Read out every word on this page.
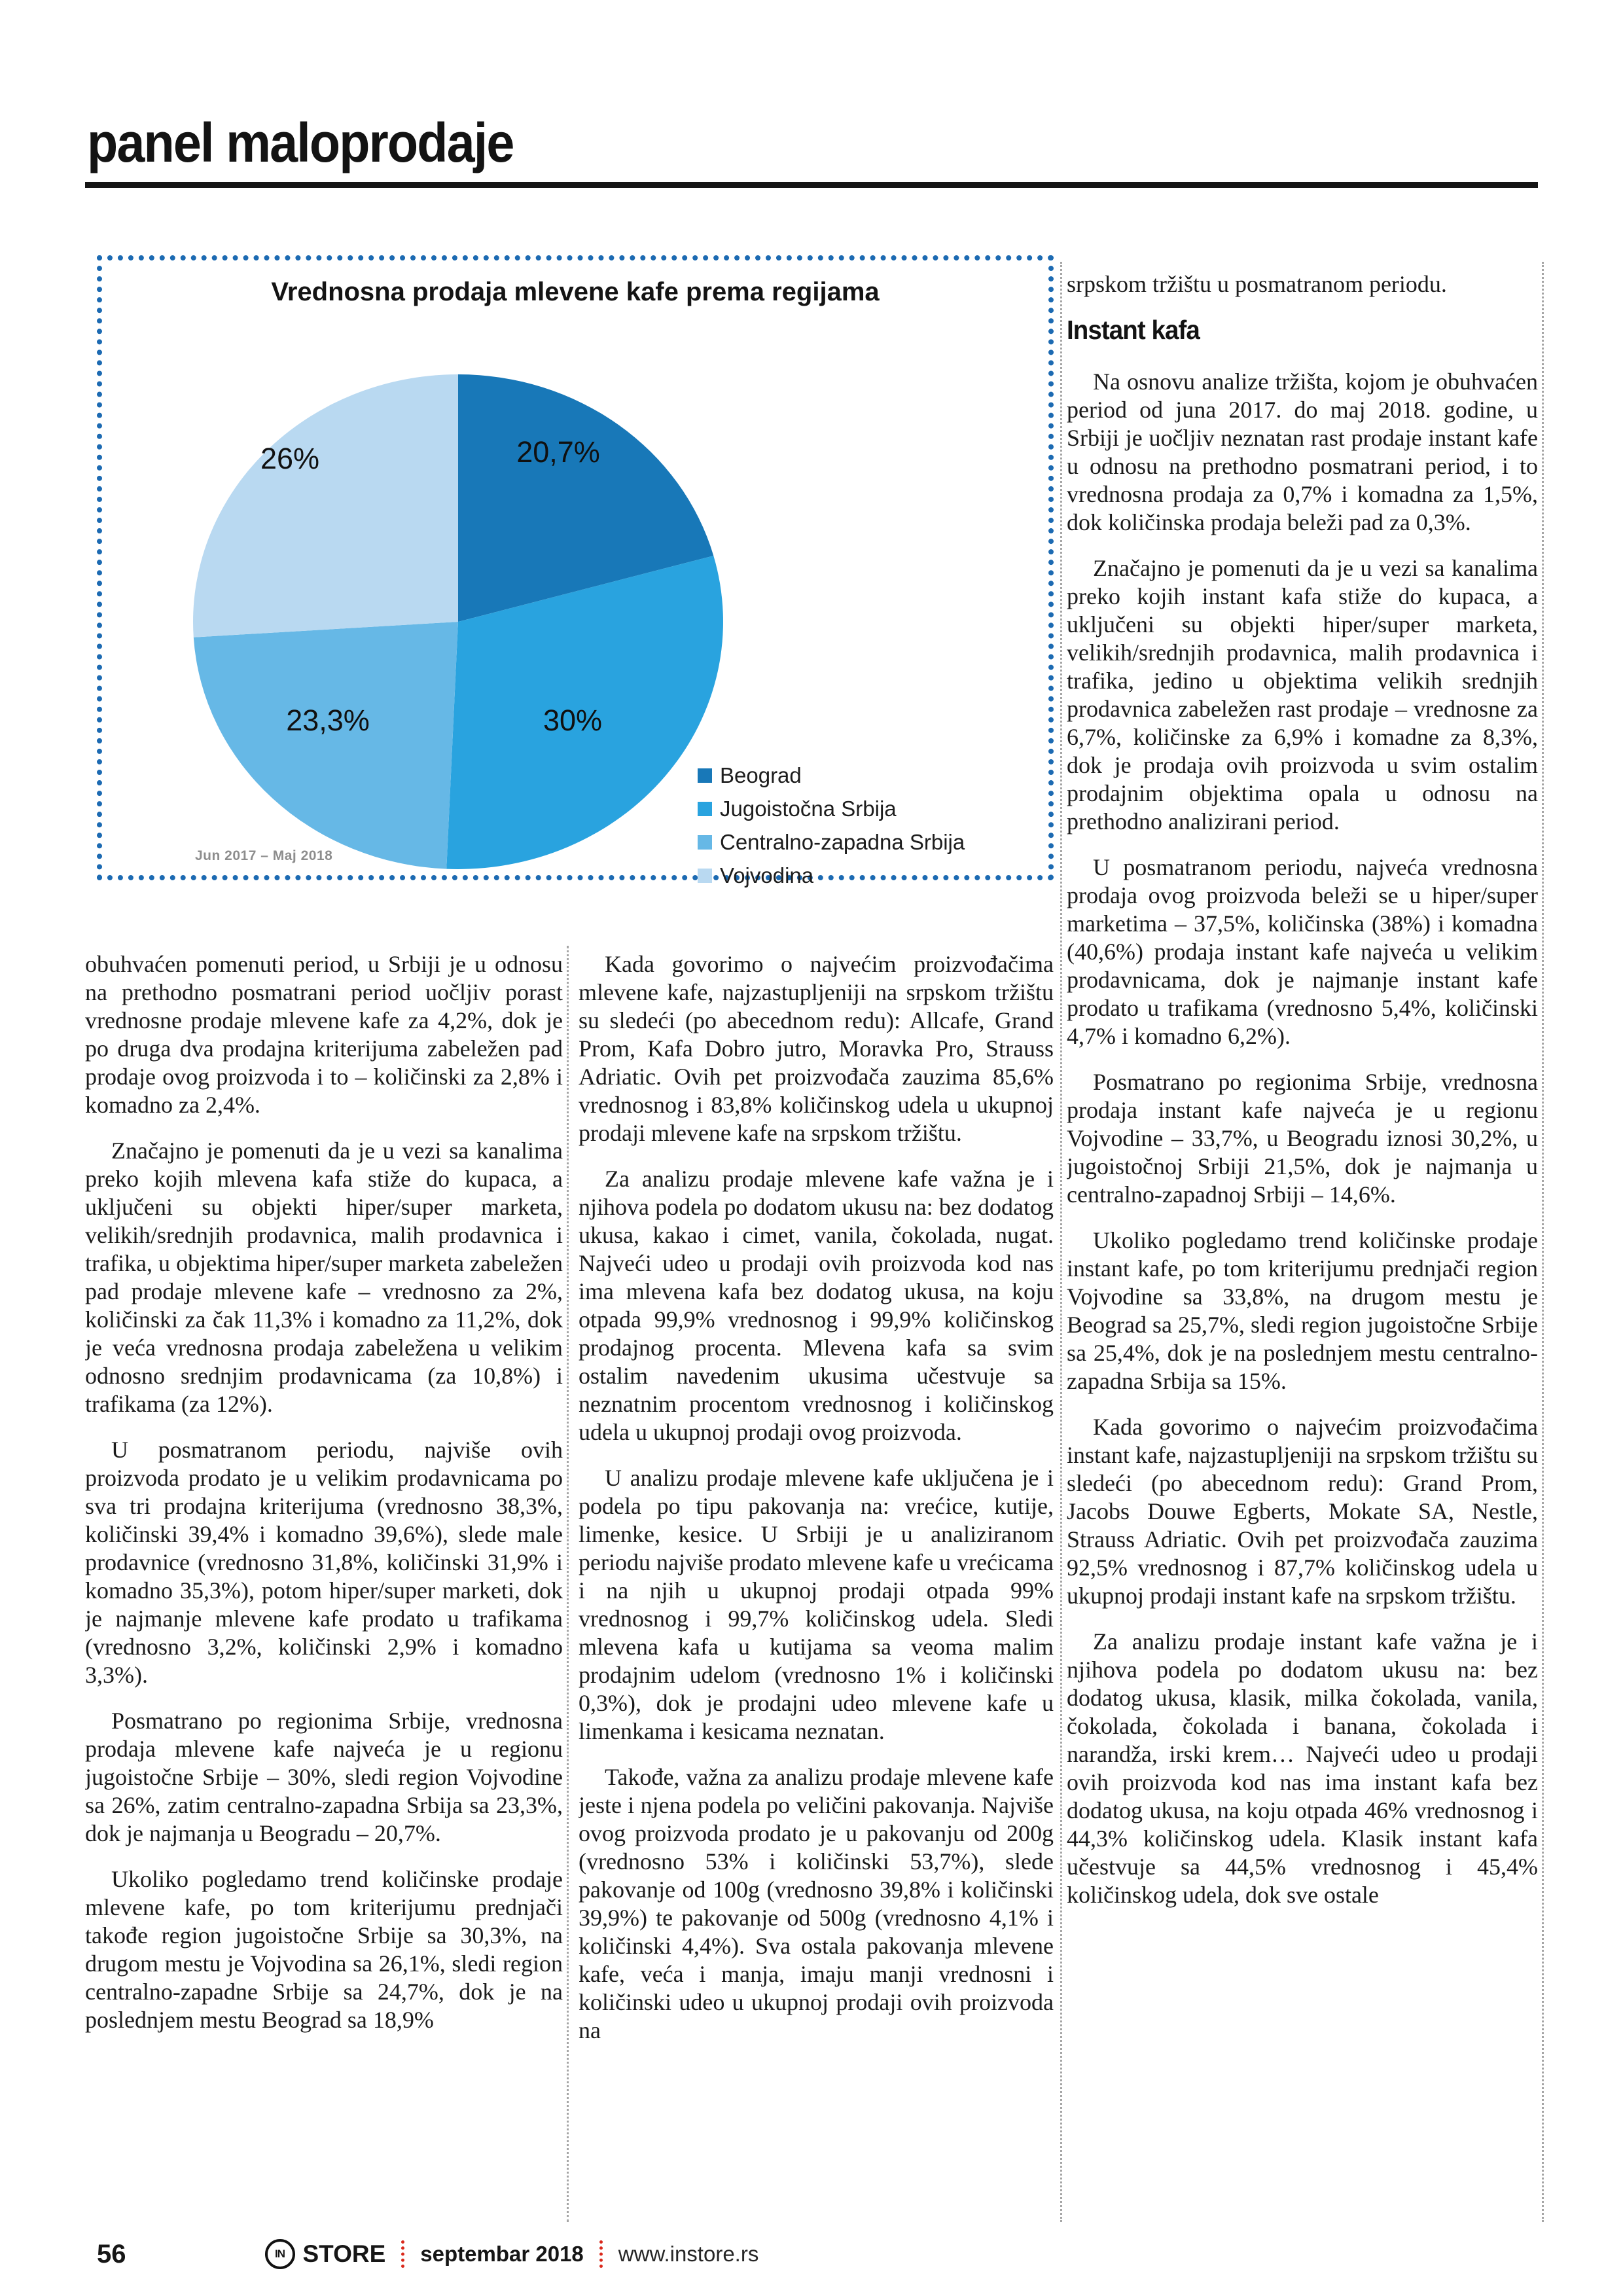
panel maloprodaje
Vrednosna prodaja mlevene kafe prema regijama
Beograd
Jugoistočna Srbija
Centralno-zapadna Srbija
Vojvodina
Jun 2017 – Maj 2018
20,7%
30%
23,3%
26%

obuhvaćen pomenuti period, u Srbiji je u odnosu na prethodno posmatrani period uočljiv porast vrednosne prodaje mlevene kafe za 4,2%, dok je po druga dva prodajna kriterijuma zabeležen pad prodaje ovog proizvoda i to – količinski za 2,8% i komadno za 2,4%.

Značajno je pomenuti da je u vezi sa kanalima preko kojih mlevena kafa stiže do kupaca, a uključeni su objekti hiper/super marketa, velikih/srednjih prodavnica, malih prodavnica i trafika, u objektima hiper/super marketa zabeležen pad prodaje mlevene kafe – vrednosno za 2%, količinski za čak 11,3% i komadno za 11,2%, dok je veća vrednosna prodaja zabeležena u velikim odnosno srednjim prodavnicama (za 10,8%) i trafikama (za 12%).

U posmatranom periodu, najviše ovih proizvoda prodato je u velikim prodavnicama po sva tri prodajna kriterijuma (vrednosno 38,3%, količinski 39,4% i komadno 39,6%), slede male prodavnice (vrednosno 31,8%, količinski 31,9% i komadno 35,3%), potom hiper/super marketi, dok je najmanje mlevene kafe prodato u trafikama (vrednosno 3,2%, količinski 2,9% i komadno 3,3%).

Posmatrano po regionima Srbije, vrednosna prodaja mlevene kafe najveća je u regionu jugoistočne Srbije – 30%, sledi region Vojvodine sa 26%, zatim centralno-zapadna Srbija sa 23,3%, dok je najmanja u Beogradu – 20,7%.

Ukoliko pogledamo trend količinske prodaje mlevene kafe, po tom kriterijumu prednjači takođe region jugoistočne Srbije sa 30,3%, na drugom mestu je Vojvodina sa 26,1%, sledi region centralno-zapadne Srbije sa 24,7%, dok je na poslednjem mestu Beograd sa 18,9%

Kada govorimo o najvećim proizvođačima mlevene kafe, najzastupljeniji na srpskom tržištu su sledeći (po abecednom redu): Allcafe, Grand Prom, Kafa Dobro jutro, Moravka Pro, Strauss Adriatic. Ovih pet proizvođača zauzima 85,6% vrednosnog i 83,8% količinskog udela u ukupnoj prodaji mlevene kafe na srpskom tržištu.

Za analizu prodaje mlevene kafe važna je i njihova podela po dodatom ukusu na: bez dodatog ukusa, kakao i cimet, vanila, čokolada, nugat. Najveći udeo u prodaji ovih proizvoda kod nas ima mlevena kafa bez dodatog ukusa, na koju otpada 99,9% vrednosnog i 99,9% količinskog prodajnog procenta. Mlevena kafa sa svim ostalim navedenim ukusima učestvuje sa neznatnim procentom vrednosnog i količinskog udela u ukupnoj prodaji ovog proizvoda.

U analizu prodaje mlevene kafe uključena je i podela po tipu pakovanja na: vrećice, kutije, limenke, kesice. U Srbiji je u analiziranom periodu najviše prodato mlevene kafe u vrećicama i na njih u ukupnoj prodaji otpada 99% vrednosnog i 99,7% količinskog udela. Sledi mlevena kafa u kutijama sa veoma malim prodajnim udelom (vrednosno 1% i količinski 0,3%), dok je prodajni udeo mlevene kafe u limenkama i kesicama neznatan.

Takođe, važna za analizu prodaje mlevene kafe jeste i njena podela po veličini pakovanja. Najviše ovog proizvoda prodato je u pakovanju od 200g (vrednosno 53% i količinski 53,7%), slede pakovanje od 100g (vrednosno 39,8% i količinski 39,9%) te pakovanje od 500g (vrednosno 4,1% i količinski 4,4%). Sva ostala pakovanja mlevene kafe, veća i manja, imaju manji vrednosni i količinski udeo u ukupnoj prodaji ovih proizvoda na

srpskom tržištu u posmatranom periodu.

Instant kafa

Na osnovu analize tržišta, kojom je obuhvaćen period od juna 2017. do maj 2018. godine, u Srbiji je uočljiv neznatan rast prodaje instant kafe u odnosu na prethodno posmatrani period, i to vrednosna prodaja za 0,7% i komadna za 1,5%, dok količinska prodaja beleži pad za 0,3%.

Značajno je pomenuti da je u vezi sa kanalima preko kojih instant kafa stiže do kupaca, a uključeni su objekti hiper/super marketa, velikih/srednjih prodavnica, malih prodavnica i trafika, jedino u objektima velikih srednjih prodavnica zabeležen rast prodaje – vrednosne za 6,7%, količinske za 6,9% i komadne za 8,3%, dok je prodaja ovih proizvoda u svim ostalim prodajnim objektima opala u odnosu na prethodno analizirani period.

U posmatranom periodu, najveća vrednosna prodaja ovog proizvoda beleži se u hiper/super marketima – 37,5%, količinska (38%) i komadna (40,6%) prodaja instant kafe najveća u velikim prodavnicama, dok je najmanje instant kafe prodato u trafikama (vrednosno 5,4%, količinski 4,7% i komadno 6,2%).

Posmatrano po regionima Srbije, vrednosna prodaja instant kafe najveća je u regionu Vojvodine – 33,7%, u Beogradu iznosi 30,2%, u jugoistočnoj Srbiji 21,5%, dok je najmanja u centralno-zapadnoj Srbiji – 14,6%.

Ukoliko pogledamo trend količinske prodaje instant kafe, po tom kriterijumu prednjači region Vojvodine sa 33,8%, na drugom mestu je Beograd sa 25,7%, sledi region jugoistočne Srbije sa 25,4%, dok je na poslednjem mestu centralno-zapadna Srbija sa 15%.

Kada govorimo o najvećim proizvođačima instant kafe, najzastupljeniji na srpskom tržištu su sledeći (po abecednom redu): Grand Prom, Jacobs Douwe Egberts, Mokate SA, Nestle, Strauss Adriatic. Ovih pet proizvođača zauzima 92,5% vrednosnog i 87,7% količinskog udela u ukupnoj prodaji instant kafe na srpskom tržištu.

Za analizu prodaje instant kafe važna je i njihova podela po dodatom ukusu na: bez dodatog ukusa, klasik, milka čokolada, vanila, čokolada, čokolada i banana, čokolada i narandža, irski krem… Najveći udeo u prodaji ovih proizvoda kod nas ima instant kafa bez dodatog ukusa, na koju otpada 46% vrednosnog i 44,3% količinskog udela. Klasik instant kafa učestvuje sa 44,5% vrednosnog i 45,4% količinskog udela, dok sve ostale

56	IN STORE septembar 2018 www.instore.rs
